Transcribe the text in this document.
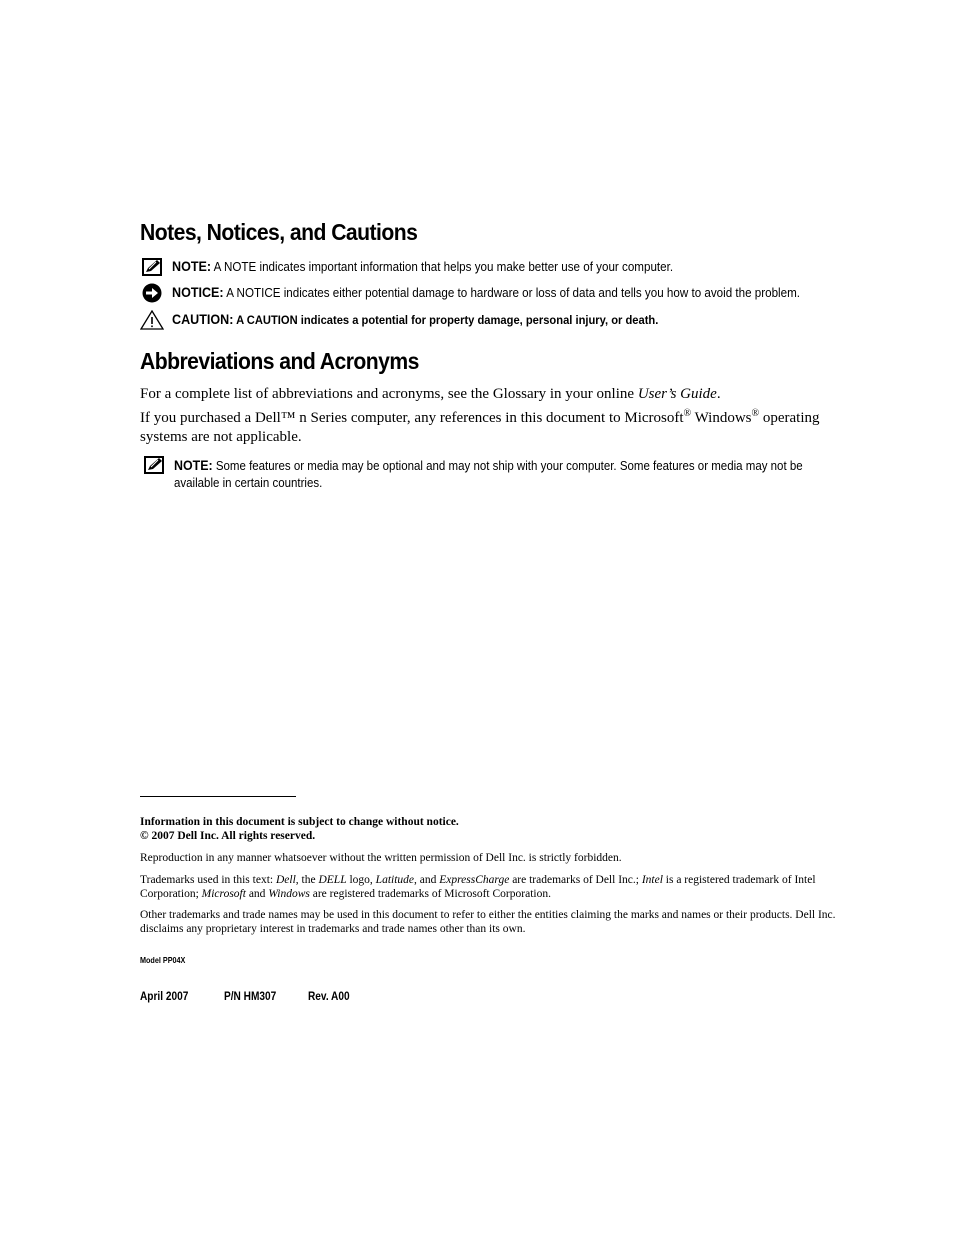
Notes, Notices, and Cautions
NOTE: A NOTE indicates important information that helps you make better use of your computer.
NOTICE: A NOTICE indicates either potential damage to hardware or loss of data and tells you how to avoid the problem.
CAUTION: A CAUTION indicates a potential for property damage, personal injury, or death.
Abbreviations and Acronyms

For a complete list of abbreviations and acronyms, see the Glossary in your online User’s Guide.

If you purchased a Dell™ n Series computer, any references in this document to Microsoft® Windows® operating systems are not applicable.

NOTE: Some features or media may be optional and may not ship with your computer. Some features or media may not be available in certain countries.

Information in this document is subject to change without notice.

© 2007 Dell Inc. All rights reserved.

Reproduction in any manner whatsoever without the written permission of Dell Inc. is strictly forbidden.

Trademarks used in this text: Dell, the DELL logo, Latitude, and ExpressCharge are trademarks of Dell Inc.; Intel is a registered trademark of Intel Corporation; Microsoft and Windows are registered trademarks of Microsoft Corporation.

Other trademarks and trade names may be used in this document to refer to either the entities claiming the marks and names or their products. Dell Inc. disclaims any proprietary interest in trademarks and trade names other than its own.

Model PP04X
April 2007	P/N HM307	Rev. A00
